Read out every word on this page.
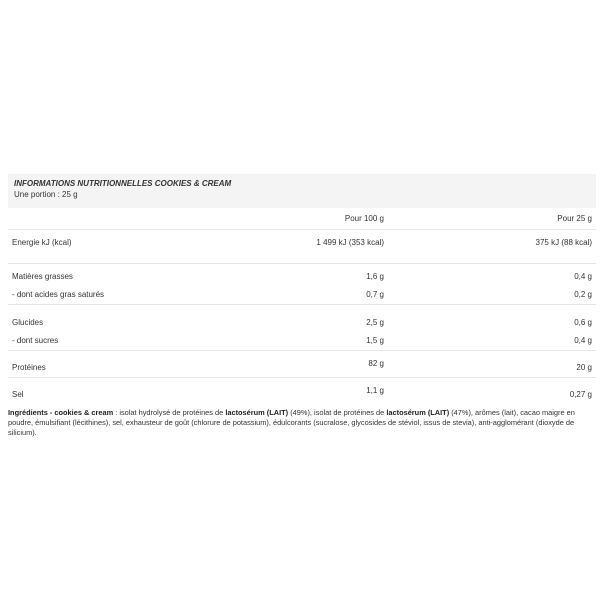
INFORMATIONS NUTRITIONNELLES COOKIES & CREAM

Une portion : 25 g

	Pour 100 g	Pour 25 g
Energie kJ (kcal)	1 499 kJ (353 kcal)	375 kJ (88 kcal)
Matières grasses	1,6 g	0,4 g
- dont acides gras saturés	0,7 g	0,2 g
Glucides	2,5 g	0,6 g
- dont sucres	1,5 g	0,4 g
Protéines	82 g	20 g
Sel	1,1 g	0,27 g

Ingrédients - cookies & cream : isolat hydrolysé de protéines de lactosérum (LAIT) (49%), isolat de protéines de lactosérum (LAIT) (47%), arômes (lait), cacao maigre en poudre, émulsifiant (lécithines), sel, exhausteur de goût (chlorure de potassium), édulcorants (sucralose, glycosides de stéviol, issus de stevia), anti-agglomérant (dioxyde de silicium).
